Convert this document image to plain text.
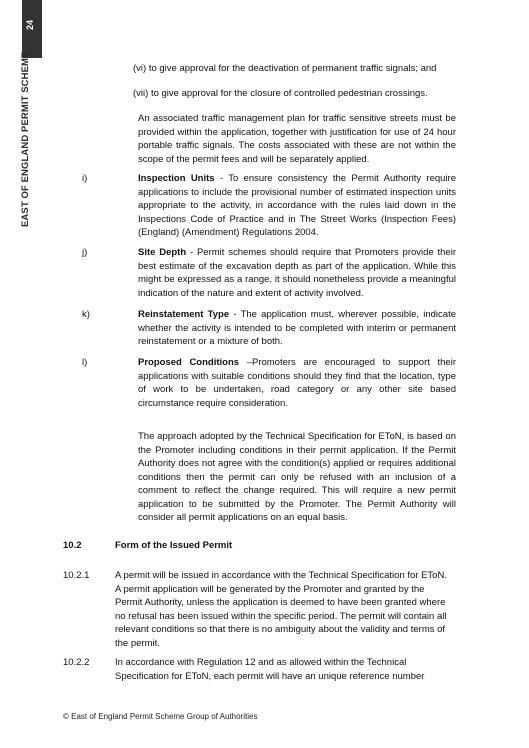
24
EAST OF ENGLAND PERMIT SCHEME	(vi) to give approval for the deactivation of permanent traffic signals; and

(vii) to give approval for the closure of controlled pedestrian crossings.

An associated traffic management plan for traffic sensitive streets must be provided within the application, together with justification for use of 24 hour portable traffic signals. The costs associated with these are not within the scope of the permit fees and will be separately applied.

i)	Inspection Units - To ensure consistency the Permit Authority require applications to include the provisional number of estimated inspection units appropriate to the activity, in accordance with the rules laid down in the Inspections Code of Practice and in The Street Works (Inspection Fees) (England) (Amendment) Regulations 2004.

j)	Site Depth - Permit schemes should require that Promoters provide their best estimate of the excavation depth as part of the application. While this might be expressed as a range, it should nonetheless provide a meaningful indication of the nature and extent of activity involved.

k)	Reinstatement Type - The application must, wherever possible, indicate whether the activity is intended to be completed with interim or permanent reinstatement or a mixture of both.

l)	Proposed Conditions –Promoters are encouraged to support their applications with suitable conditions should they find that the location, type of work to be undertaken, road category or any other site based circumstance require consideration.

The approach adopted by the Technical Specification for EToN, is based on the Promoter including conditions in their permit application. If the Permit Authority does not agree with the condition(s) applied or requires additional conditions then the permit can only be refused with an inclusion of a comment to reflect the change required. This will require a new permit application to be submitted by the Promoter. The Permit Authority will consider all permit applications on an equal basis.

10.2	Form of the Issued Permit
10.2.1	A permit will be issued in accordance with the Technical Specification for EToN. A permit application will be generated by the Promoter and granted by the Permit Authority, unless the application is deemed to have been granted where no refusal has been issued within the specific period. The permit will contain all relevant conditions so that there is no ambiguity about the validity and terms of the permit.

10.2.2	In accordance with Regulation 12 and as allowed within the Technical Specification for EToN, each permit will have an unique reference number

© East of England Permit Scheme Group of Authorities
